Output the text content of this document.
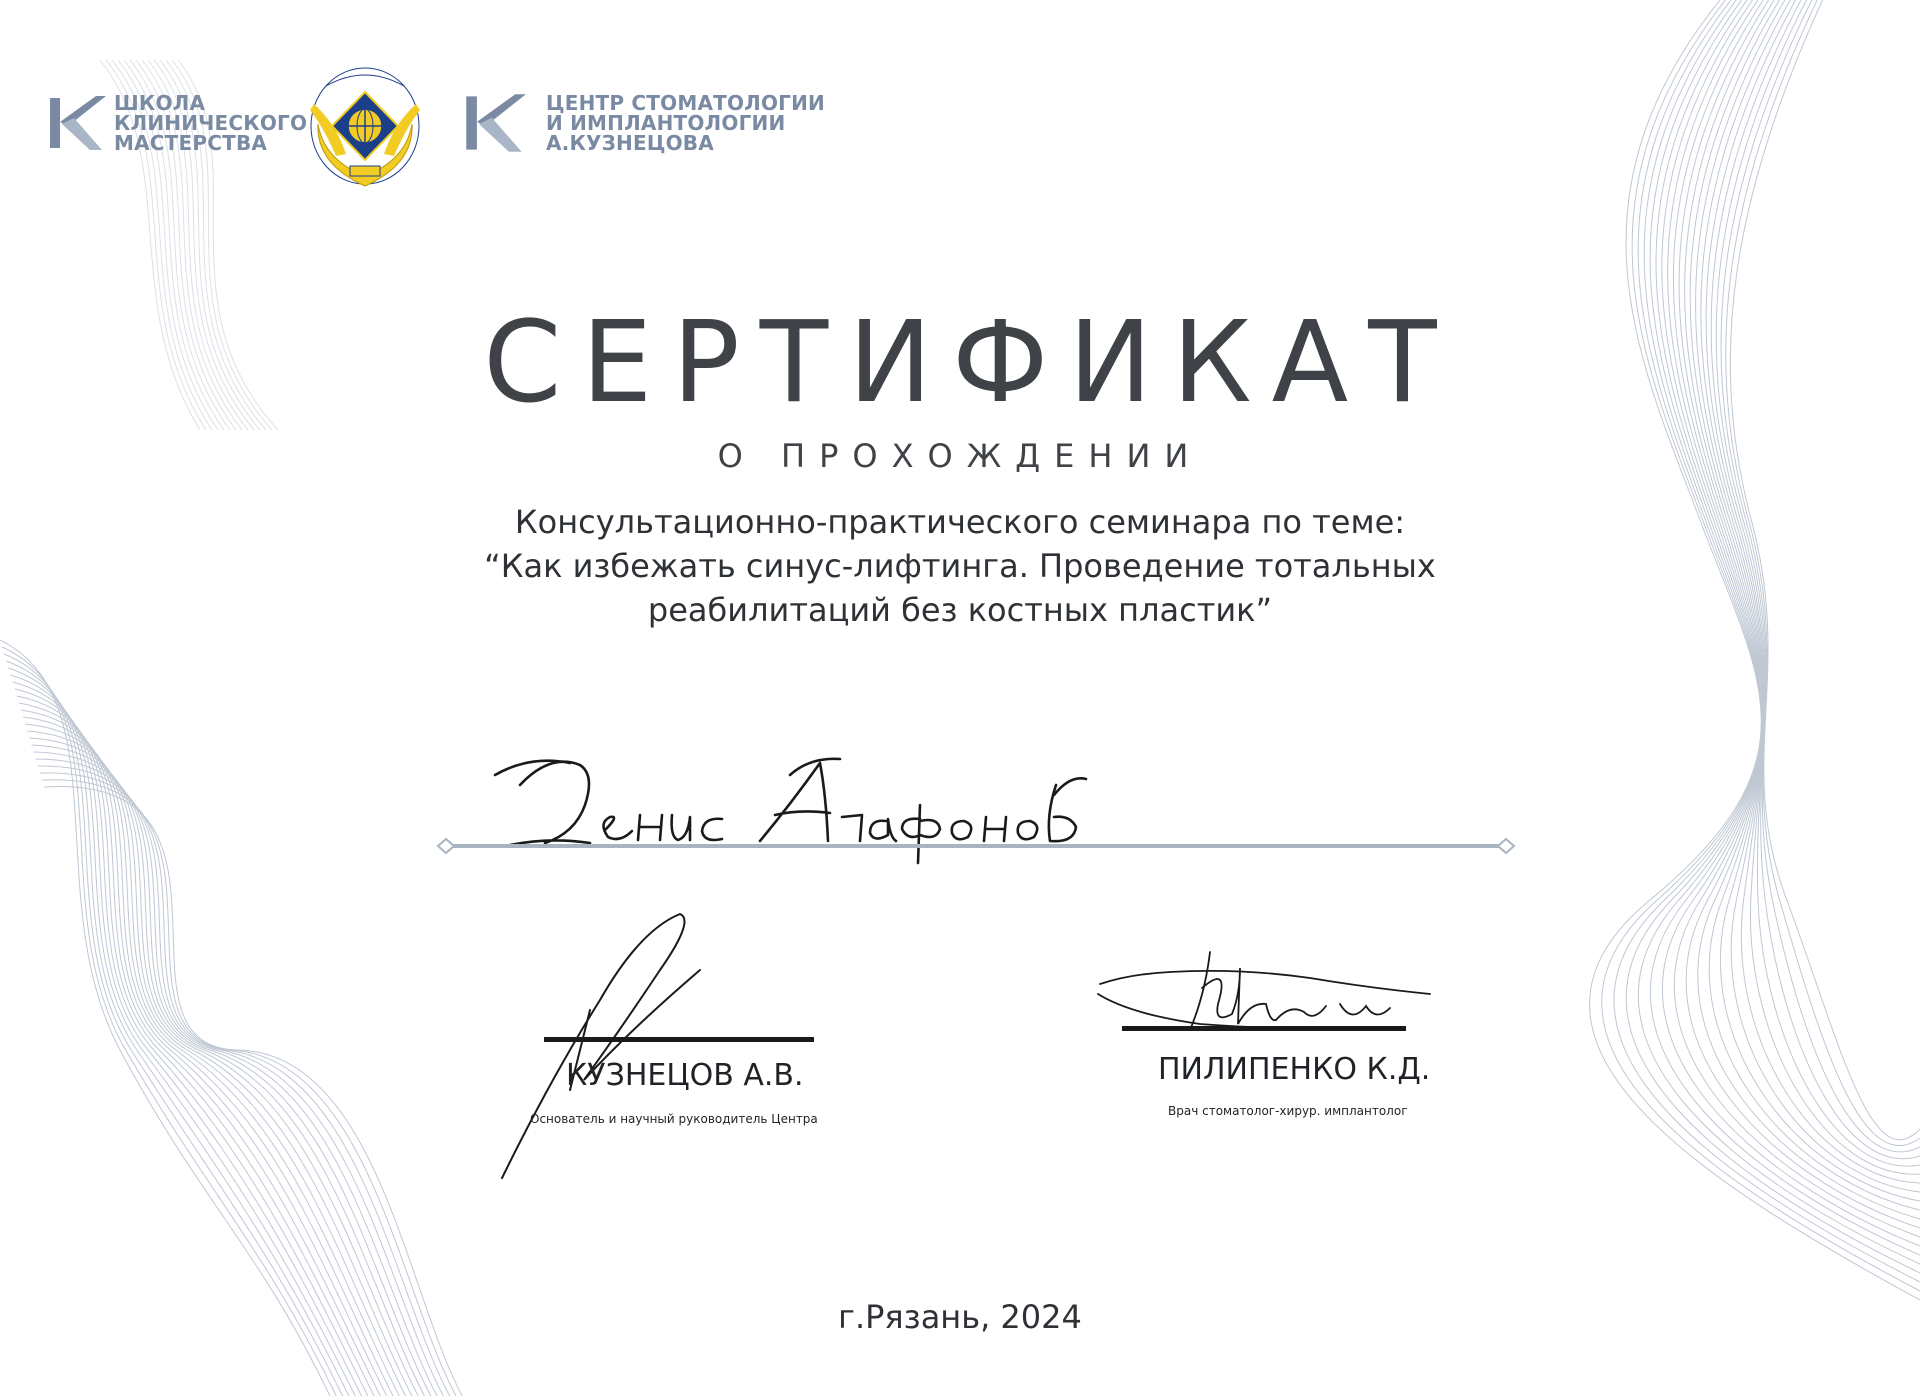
ШКОЛА
КЛИНИЧЕСКОГО
МАСТЕРСТВА
ЦЕНТР СТОМАТОЛОГИИ
И ИМПЛАНТОЛОГИИ
А.КУЗНЕЦОВА
СЕРТИФИКАТ
О ПРОХОЖДЕНИИ
Консультационно-практического семинара по теме:
“Как избежать синус-лифтинга. Проведение тотальных
реабилитаций без костных пластик”
КУЗНЕЦОВ А.В.
Основатель и научный руководитель Центра
ПИЛИПЕНКО К.Д.
Врач стоматолог-хирур. имплантолог
г.Рязань, 2024
